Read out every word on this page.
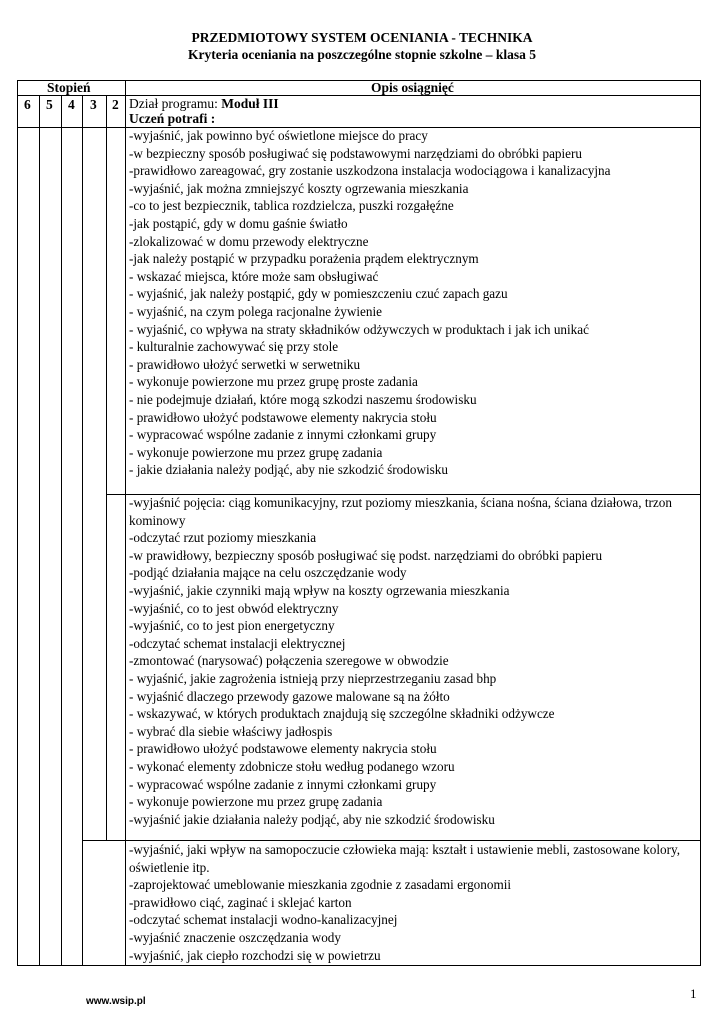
PRZEDMIOTOWY SYSTEM OCENIANIA - TECHNIKA
Kryteria oceniania na poszczególne stopnie szkolne – klasa 5
Stopień	Opis osiągnięć
6 5 4 3 2 Dział programu: Moduł III
Uczeń potrafi :
-wyjaśnić, jak powinno być oświetlone miejsce do pracy
-w bezpieczny sposób posługiwać się podstawowymi narzędziami do obróbki papieru
-prawidłowo zareagować, gry zostanie uszkodzona instalacja wodociągowa i kanalizacyjna
-wyjaśnić, jak można zmniejszyć koszty ogrzewania mieszkania
-co to jest bezpiecznik, tablica rozdzielcza, puszki rozgałęźne
-jak postąpić, gdy w domu gaśnie światło
-zlokalizować w domu przewody elektryczne
-jak należy postąpić w przypadku porażenia prądem elektrycznym
- wskazać miejsca, które może sam obsługiwać
- wyjaśnić, jak należy postąpić, gdy w pomieszczeniu czuć zapach gazu
- wyjaśnić, na czym polega racjonalne żywienie
- wyjaśnić, co wpływa na straty składników odżywczych w produktach i jak ich unikać
- kulturalnie zachowywać się przy stole
- prawidłowo ułożyć serwetki w serwetniku
- wykonuje powierzone mu przez grupę proste zadania
- nie podejmuje działań, które mogą szkodzi naszemu środowisku
- prawidłowo ułożyć podstawowe elementy nakrycia stołu
- wypracować wspólne zadanie z innymi członkami grupy
- wykonuje powierzone mu przez grupę zadania
- jakie działania należy podjąć, aby nie szkodzić środowisku
-wyjaśnić pojęcia: ciąg komunikacyjny, rzut poziomy mieszkania, ściana nośna, ściana działowa, trzon
kominowy
-odczytać rzut poziomy mieszkania
-w prawidłowy, bezpieczny sposób posługiwać się podst. narzędziami do obróbki papieru
-podjąć działania mające na celu oszczędzanie wody
-wyjaśnić, jakie czynniki mają wpływ na koszty ogrzewania mieszkania
-wyjaśnić, co to jest obwód elektryczny
-wyjaśnić, co to jest pion energetyczny
-odczytać schemat instalacji elektrycznej
-zmontować (narysować) połączenia szeregowe w obwodzie
- wyjaśnić, jakie zagrożenia istnieją przy nieprzestrzeganiu zasad bhp
- wyjaśnić dlaczego przewody gazowe malowane są na żółto
- wskazywać, w których produktach znajdują się szczególne składniki odżywcze
- wybrać dla siebie właściwy jadłospis
- prawidłowo ułożyć podstawowe elementy nakrycia stołu
- wykonać elementy zdobnicze stołu według podanego wzoru
- wypracować wspólne zadanie z innymi członkami grupy
- wykonuje powierzone mu przez grupę zadania
-wyjaśnić jakie działania należy podjąć, aby nie szkodzić środowisku
-wyjaśnić, jaki wpływ na samopoczucie człowieka mają: kształt i ustawienie mebli, zastosowane kolory,
oświetlenie itp.
-zaprojektować umeblowanie mieszkania zgodnie z zasadami ergonomii
-prawidłowo ciąć, zaginać i sklejać karton
-odczytać schemat instalacji wodno-kanalizacyjnej
-wyjaśnić znaczenie oszczędzania wody
-wyjaśnić, jak ciepło rozchodzi się w powietrzu
www.wsip.pl
1
